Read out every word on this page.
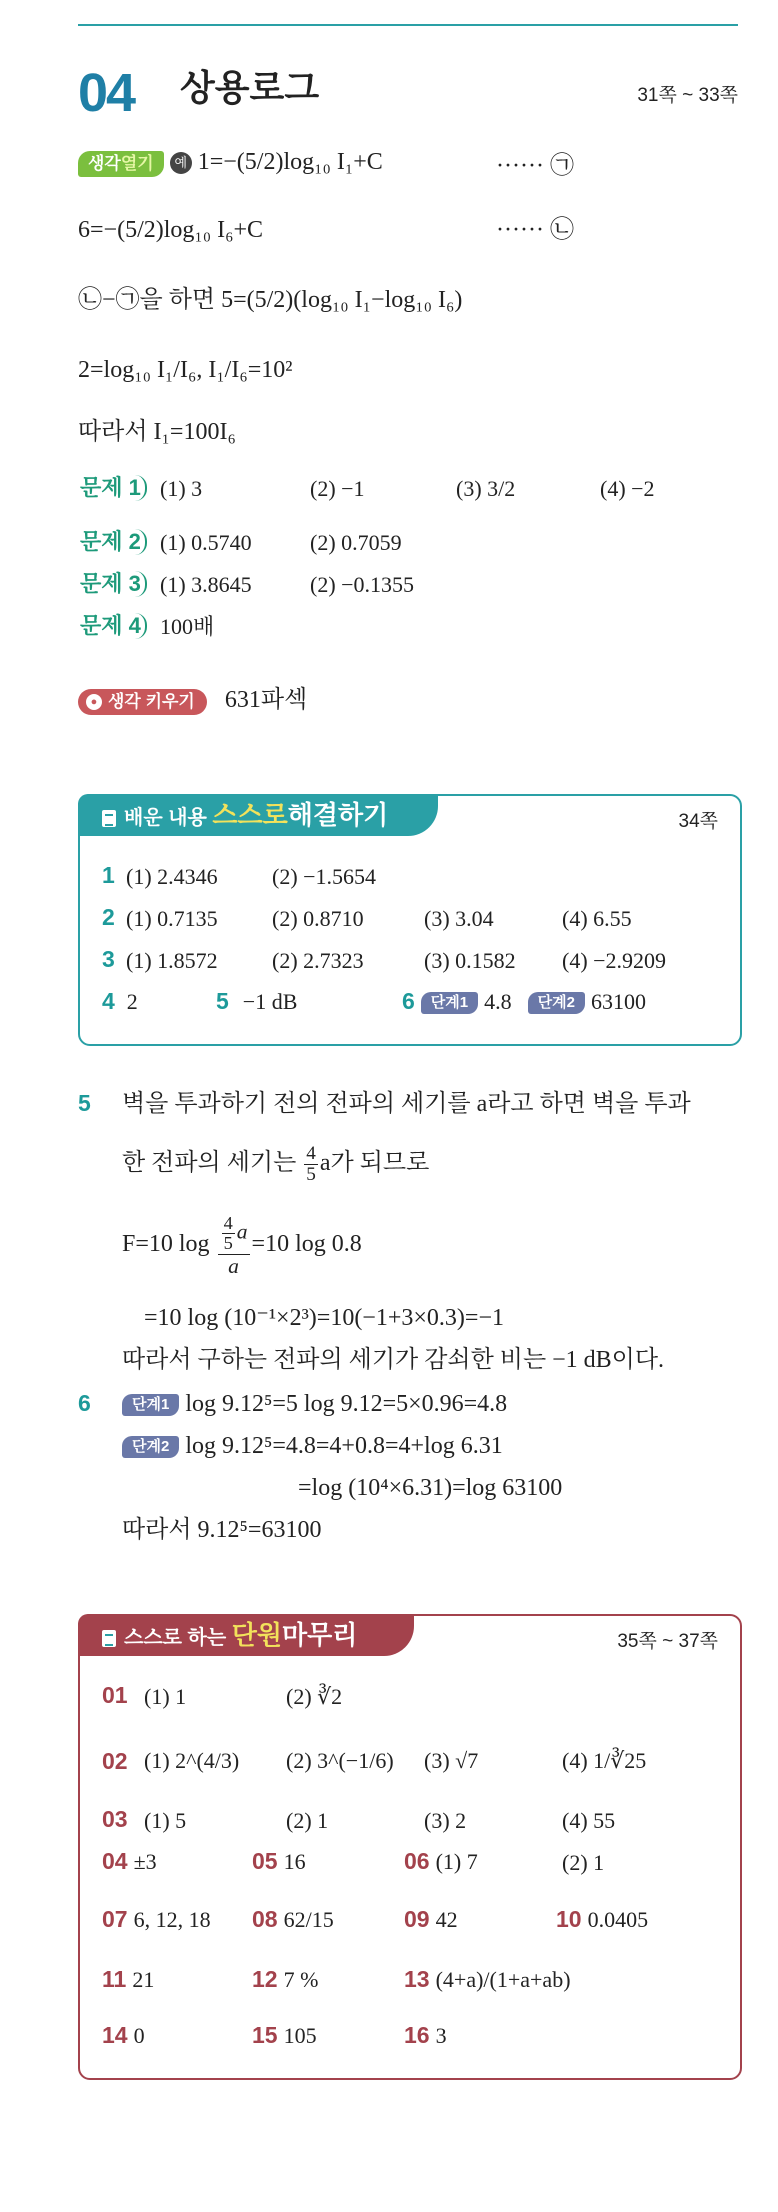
04 상용로그	31쪽 ~ 33쪽
생각열기 예 1=−(5/2)log₁₀ I₁+C	······ ㉠
6=−(5/2)log₁₀ I₆+C	······ ㉡
㉡−㉠을 하면 5=(5/2)(log₁₀ I₁−log₁₀ I₆)
2=log₁₀ I₁/I₆, I₁/I₆=10²
따라서 I₁=100I₆
문제 1 (1) 3	(2) −1	(3) 3/2	(4) −2
문제 2 (1) 0.5740	(2) 0.7059
문제 3 (1) 3.8645	(2) −0.1355
문제 4 100배
● 생각 키우기 631파섹
배운 내용 스스로해결하기	34쪽
1 (1) 2.4346 (2) −1.5654
2 (1) 0.7135 (2) 0.8710	(3) 3.04	(4) 6.55
3 (1) 1.8572 (2) 2.7323	(3) 0.1582 (4) −2.9209
4 2	5 −1 dB	6 단계1 4.8 단계2 63100
5 벽을 투과하기 전의 전파의 세기를 a라고 하면 벽을 투과
한 전파의 세기는 $\frac{4}{5}$ a가 되므로
F=10 $\log \frac{\frac{4}{5} a}{a} =10$ log 0.8
=10 log (10⁻¹×2³)=10(−1+3×0.3)=−1
따라서 구하는 전파의 세기가 감쇠한 비는 −1 dB이다.
6	단계1 log 9.12⁵=5 log 9.12=5×0.96=4.8
단계2 log 9.12⁵=4.8=4+0.8=4+log 6.31
=log (10⁴×6.31)=log 63100
따라서 9.12⁵=63100
스스로 하는 단원마무리	35쪽 ~ 37쪽
01 (1) 1	(2) ∛2
02 (1) 2^(4/3) (2) 3^(−1/6) (3) √7	(4) 1/∛25
03 (1) 5	(2) 1	(3) 2	(4) 55
04 ±3	05 16	06 (1) 7	(2) 1
07 6, 12, 18 08 62/15	09 42	10 0.0405
11 21	12 7 %	13 (4+a)/(1+a+ab)
14 0	15 105	16 3
